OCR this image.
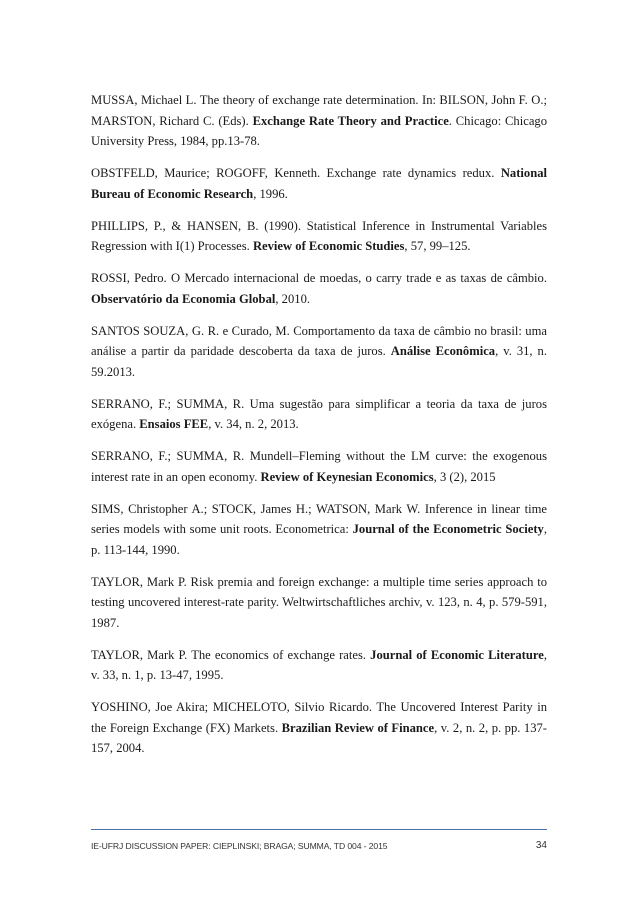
MUSSA, Michael L. The theory of exchange rate determination. In: BILSON, John F. O.; MARSTON, Richard C. (Eds). Exchange Rate Theory and Practice. Chicago: Chicago University Press, 1984, pp.13-78.

OBSTFELD, Maurice; ROGOFF, Kenneth. Exchange rate dynamics redux. National Bureau of Economic Research, 1996.

PHILLIPS, P., & HANSEN, B. (1990). Statistical Inference in Instrumental Variables Regression with I(1) Processes. Review of Economic Studies, 57, 99–125.

ROSSI, Pedro. O Mercado internacional de moedas, o carry trade e as taxas de câmbio. Observatório da Economia Global, 2010.

SANTOS SOUZA, G. R. e Curado, M. Comportamento da taxa de câmbio no brasil: uma análise a partir da paridade descoberta da taxa de juros. Análise Econômica, v. 31, n. 59.2013.

SERRANO, F.; SUMMA, R. Uma sugestão para simplificar a teoria da taxa de juros exógena. Ensaios FEE, v. 34, n. 2, 2013.

SERRANO, F.; SUMMA, R. Mundell–Fleming without the LM curve: the exogenous interest rate in an open economy. Review of Keynesian Economics, 3 (2), 2015

SIMS, Christopher A.; STOCK, James H.; WATSON, Mark W. Inference in linear time series models with some unit roots. Econometrica: Journal of the Econometric Society, p. 113-144, 1990.

TAYLOR, Mark P. Risk premia and foreign exchange: a multiple time series approach to testing uncovered interest-rate parity. Weltwirtschaftliches archiv, v. 123, n. 4, p. 579-591, 1987.

TAYLOR, Mark P. The economics of exchange rates. Journal of Economic Literature, v. 33, n. 1, p. 13-47, 1995.

YOSHINO, Joe Akira; MICHELOTO, Silvio Ricardo. The Uncovered Interest Parity in the Foreign Exchange (FX) Markets. Brazilian Review of Finance, v. 2, n. 2, p. pp. 137-157, 2004.

IE-UFRJ DISCUSSION PAPER: CIEPLINSKI; BRAGA; SUMMA, TD 004 - 2015	34
